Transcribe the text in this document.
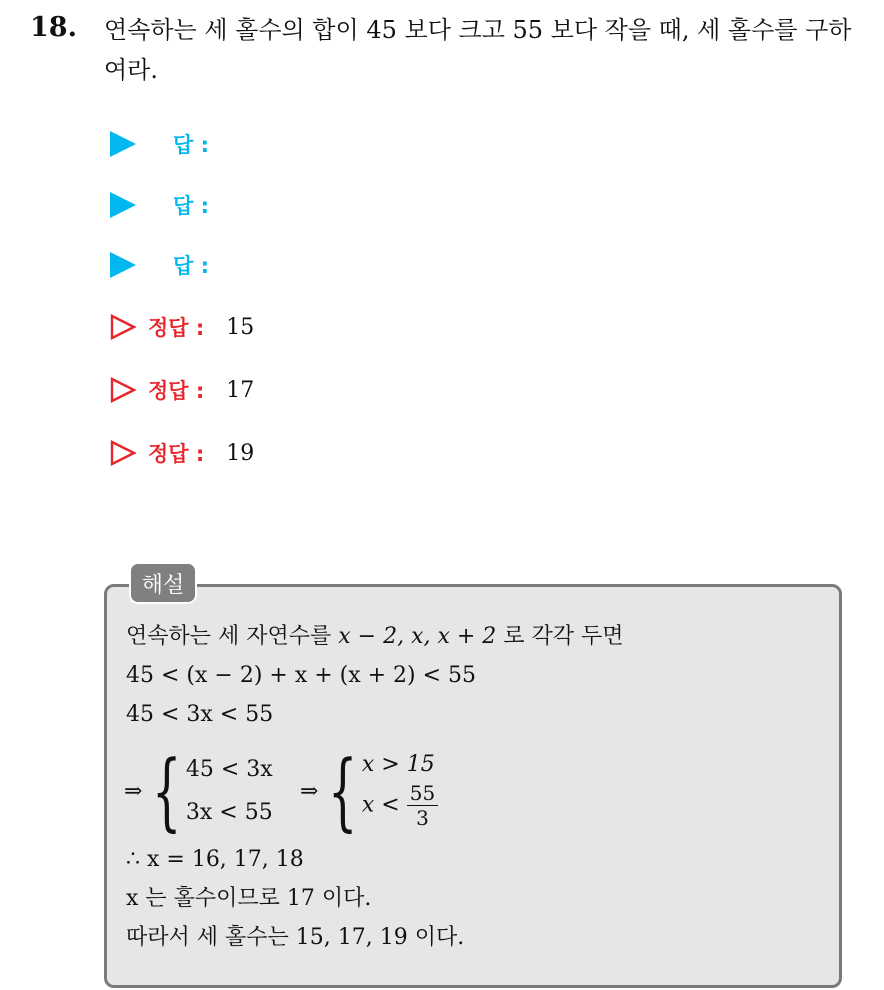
18. 연속하는 세 홀수의 합이 45 보다 크고 55 보다 작을 때, 세 홀수를 구하여라.

답 :
답 :
답 :
정답 : 15
정답 : 17
정답 : 19
해설
연속하는 세 자연수를 x − 2, x, x + 2 로 각각 두면
45 < (x − 2) + x + (x + 2) < 55
45 < 3x < 55
⇒ { 45 < 3x
3x < 55
⇒ { x > 15
$x < \frac{55}{3}$
∴ x = 16, 17, 18
x 는 홀수이므로 17 이다.
따라서 세 홀수는 15, 17, 19 이다.
